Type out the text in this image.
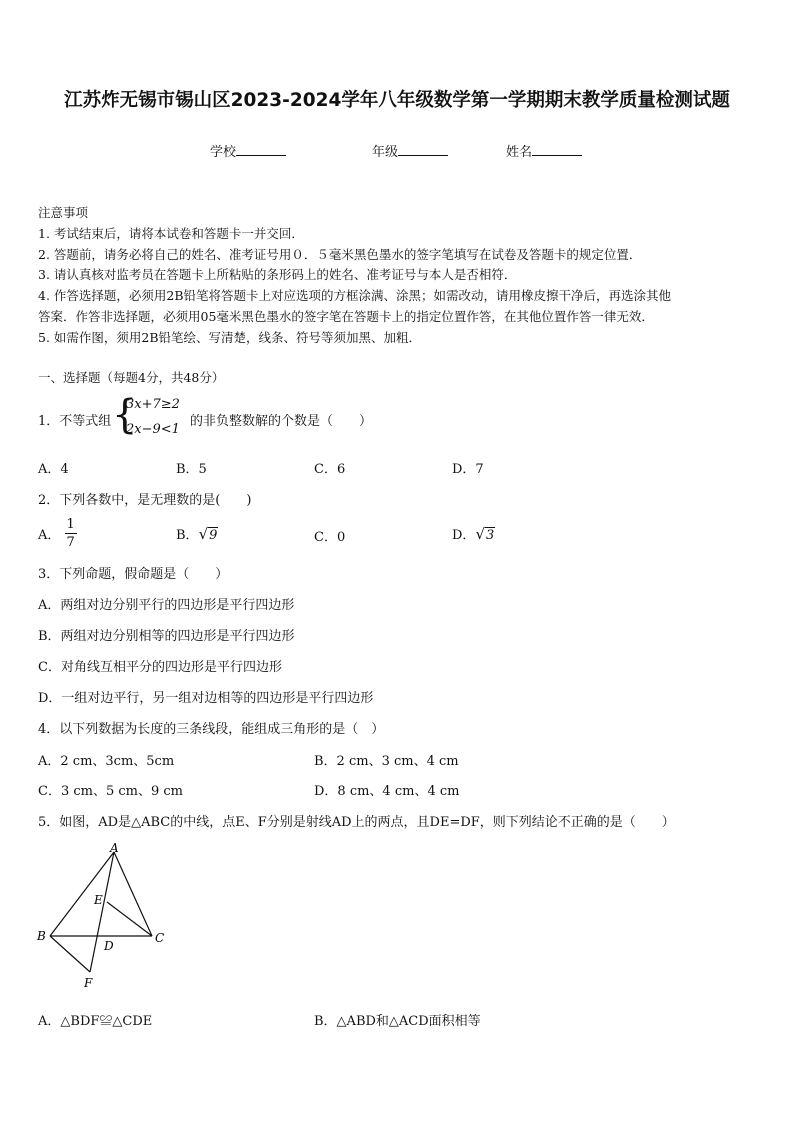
江苏炸无锡市锡山区2023-2024学年八年级数学第一学期期末教学质量检测试题
学校	年级	姓名
注意事项
1. 考试结束后，请将本试卷和答题卡一并交回．
2. 答题前，请务必将自己的姓名、准考证号用０．５毫米黑色墨水的签字笔填写在试卷及答题卡的规定位置．
3. 请认真核对监考员在答题卡上所粘贴的条形码上的姓名、准考证号与本人是否相符．
4. 作答选择题，必须用2B铅笔将答题卡上对应选项的方框涂满、涂黑；如需改动，请用橡皮擦干净后，再选涂其他
答案．作答非选择题，必须用05毫米黑色墨水的签字笔在答题卡上的指定位置作答，在其他位置作答一律无效．
5. 如需作图，须用2B铅笔绘、写清楚，线条、符号等须加黑、加粗．
一、选择题（每题4分，共48分）
1．不等式组 {
3x+7≥2
2x−9<1
的非负整数解的个数是（　　）
A．4	B．5	C．6	D．7
2．下列各数中，是无理数的是(　　)
A． $\frac{1}{7}$	B．√9	C．0	D．√3
3．下列命题，假命题是（　　）
A．两组对边分别平行的四边形是平行四边形
B．两组对边分别相等的四边形是平行四边形
C．对角线互相平分的四边形是平行四边形
D．一组对边平行，另一组对边相等的四边形是平行四边形
4．以下列数据为长度的三条线段，能组成三角形的是（　）
A．2 cm、3cm、5cm	B．2 cm、3 cm、4 cm
C．3 cm、5 cm、9 cm	D．8 cm、4 cm、4 cm
5．如图，AD是△ABC的中线，点E、F分别是射线AD上的两点，且DE=DF，则下列结论不正确的是（　　）
A
B	C
D
E
F
A．△BDF≌△CDE	B．△ABD和△ACD面积相等
